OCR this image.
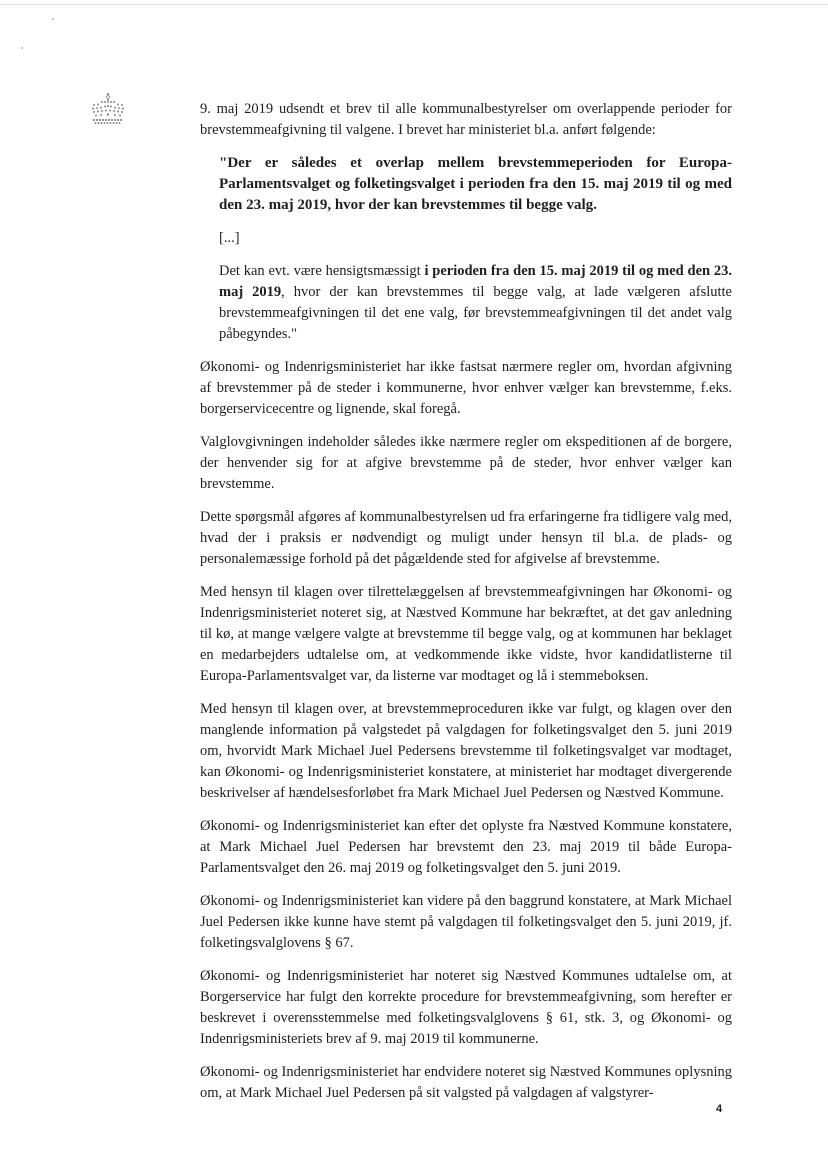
9. maj 2019 udsendt et brev til alle kommunalbestyrelser om overlappende perioder for brevstemmeafgivning til valgene. I brevet har ministeriet bl.a. anført følgende:

"Der er således et overlap mellem brevstemmeperioden for Europa-Parlamentsvalget og folketingsvalget i perioden fra den 15. maj 2019 til og med den 23. maj 2019, hvor der kan brevstemmes til begge valg.

[...]

Det kan evt. være hensigtsmæssigt i perioden fra den 15. maj 2019 til og med den 23. maj 2019, hvor der kan brevstemmes til begge valg, at lade vælgeren afslutte brevstemmeafgivningen til det ene valg, før brevstemmeafgivningen til det andet valg påbegyndes."

Økonomi- og Indenrigsministeriet har ikke fastsat nærmere regler om, hvordan afgivning af brevstemmer på de steder i kommunerne, hvor enhver vælger kan brevstemme, f.eks. borgerservicecentre og lignende, skal foregå.

Valglovgivningen indeholder således ikke nærmere regler om ekspeditionen af de borgere, der henvender sig for at afgive brevstemme på de steder, hvor enhver vælger kan brevstemme.

Dette spørgsmål afgøres af kommunalbestyrelsen ud fra erfaringerne fra tidligere valg med, hvad der i praksis er nødvendigt og muligt under hensyn til bl.a. de plads- og personalemæssige forhold på det pågældende sted for afgivelse af brevstemme.

Med hensyn til klagen over tilrettelæggelsen af brevstemmeafgivningen har Økonomi- og Indenrigsministeriet noteret sig, at Næstved Kommune har bekræftet, at det gav anledning til kø, at mange vælgere valgte at brevstemme til begge valg, og at kommunen har beklaget en medarbejders udtalelse om, at vedkommende ikke vidste, hvor kandidatlisterne til Europa-Parlamentsvalget var, da listerne var modtaget og lå i stemmeboksen.

Med hensyn til klagen over, at brevstemmeproceduren ikke var fulgt, og klagen over den manglende information på valgstedet på valgdagen for folketingsvalget den 5. juni 2019 om, hvorvidt Mark Michael Juel Pedersens brevstemme til folketingsvalget var modtaget, kan Økonomi- og Indenrigsministeriet konstatere, at ministeriet har modtaget divergerende beskrivelser af hændelsesforløbet fra Mark Michael Juel Pedersen og Næstved Kommune.

Økonomi- og Indenrigsministeriet kan efter det oplyste fra Næstved Kommune konstatere, at Mark Michael Juel Pedersen har brevstemt den 23. maj 2019 til både Europa-Parlamentsvalget den 26. maj 2019 og folketingsvalget den 5. juni 2019.

Økonomi- og Indenrigsministeriet kan videre på den baggrund konstatere, at Mark Michael Juel Pedersen ikke kunne have stemt på valgdagen til folketingsvalget den 5. juni 2019, jf. folketingsvalglovens § 67.

Økonomi- og Indenrigsministeriet har noteret sig Næstved Kommunes udtalelse om, at Borgerservice har fulgt den korrekte procedure for brevstemmeafgivning, som herefter er beskrevet i overensstemmelse med folketingsvalglovens § 61, stk. 3, og Økonomi- og Indenrigsministeriets brev af 9. maj 2019 til kommunerne.

Økonomi- og Indenrigsministeriet har endvidere noteret sig Næstved Kommunes oplysning om, at Mark Michael Juel Pedersen på sit valgsted på valgdagen af valgstyrer-

4
